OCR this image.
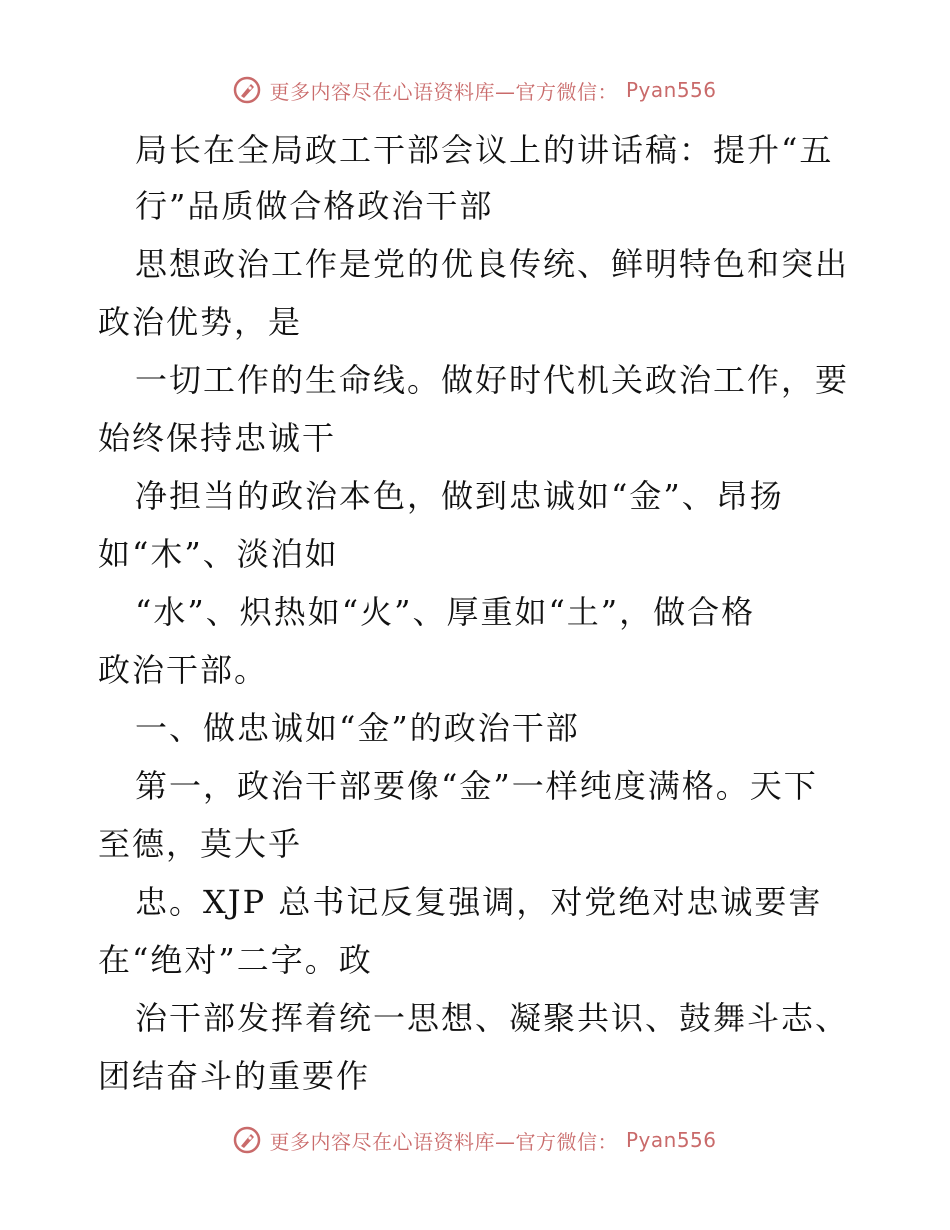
更多内容尽在心语资料库—官方微信： Pyan556
局长在全局政工干部会议上的讲话稿：提升“五
行”品质做合格政治干部
思想政治工作是党的优良传统、鲜明特色和突出
政治优势，是
一切工作的生命线。做好时代机关政治工作，要
始终保持忠诚干
净担当的政治本色，做到忠诚如“金”、昂扬
如“木”、淡泊如
“水”、炽热如“火”、厚重如“土”，做合格
政治干部。
一、做忠诚如“金”的政治干部
第一，政治干部要像“金”一样纯度满格。天下
至德，莫大乎
忠。XJP 总书记反复强调，对党绝对忠诚要害
在“绝对”二字。政
治干部发挥着统一思想、凝聚共识、鼓舞斗志、
团结奋斗的重要作
更多内容尽在心语资料库—官方微信： Pyan556
